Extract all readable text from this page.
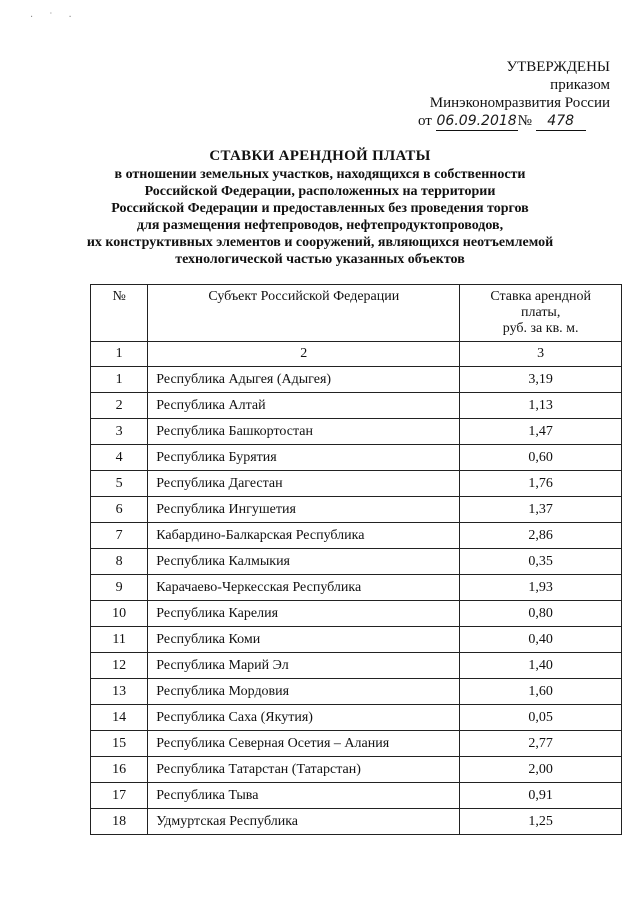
· ˙ ·
УТВЕРЖДЕНЫ
приказом
Минэкономразвития России
от 06.09.2018№ 478
СТАВКИ АРЕНДНОЙ ПЛАТЫ
в отношении земельных участков, находящихся в собственности
Российской Федерации, расположенных на территории
Российской Федерации и предоставленных без проведения торгов
для размещения нефтепроводов, нефтепродуктопроводов,
их конструктивных элементов и сооружений, являющихся неотъемлемой
технологической частью указанных объектов
№	Субъект Российской Федерации	Ставка арендной
платы,
руб. за кв. м.

1	2	3
1	Республика Адыгея (Адыгея)	3,19
2	Республика Алтай	1,13
3	Республика Башкортостан	1,47
4	Республика Бурятия	0,60
5	Республика Дагестан	1,76
6	Республика Ингушетия	1,37
7	Кабардино-Балкарская Республика	2,86
8	Республика Калмыкия	0,35
9	Карачаево-Черкесская Республика	1,93
10	Республика Карелия	0,80
11	Республика Коми	0,40
12	Республика Марий Эл	1,40
13	Республика Мордовия	1,60
14	Республика Саха (Якутия)	0,05
15	Республика Северная Осетия – Алания	2,77
16	Республика Татарстан (Татарстан)	2,00
17	Республика Тыва	0,91
18	Удмуртская Республика	1,25
